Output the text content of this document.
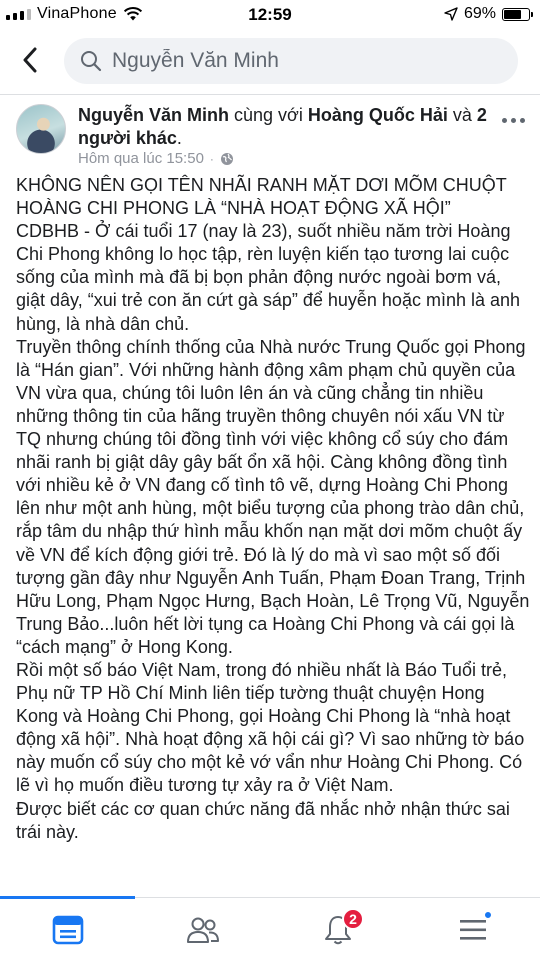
VinaPhone	12:59	69%
Nguyễn Văn Minh
Nguyễn Văn Minh cùng với Hoàng Quốc Hải và 2 người khác.
Hôm qua lúc 15:50 ·

KHÔNG NÊN GỌI TÊN NHÃI RANH MẶT DƠI MÕM CHUỘT HOÀNG CHI PHONG LÀ “NHÀ HOẠT ĐỘNG XÃ HỘI”

CDBHB - Ở cái tuổi 17 (nay là 23), suốt nhiều năm trời Hoàng Chi Phong không lo học tập, rèn luyện kiến tạo tương lai cuộc sống của mình mà đã bị bọn phản động nước ngoài bơm vá, giật dây, “xui trẻ con ăn cứt gà sáp” để huyễn hoặc mình là anh hùng, là nhà dân chủ.

Truyền thông chính thống của Nhà nước Trung Quốc gọi Phong là “Hán gian”. Với những hành động xâm phạm chủ quyền của VN vừa qua, chúng tôi luôn lên án và cũng chẳng tin nhiều những thông tin của hãng truyền thông chuyên nói xấu VN từ TQ nhưng chúng tôi đồng tình với việc không cổ súy cho đám nhãi ranh bị giật dây gây bất ổn xã hội. Càng không đồng tình với nhiều kẻ ở VN đang cố tình tô vẽ, dựng Hoàng Chi Phong lên như một anh hùng, một biểu tượng của phong trào dân chủ, rắp tâm du nhập thứ hình mẫu khốn nạn mặt dơi mõm chuột ấy về VN để kích động giới trẻ. Đó là lý do mà vì sao một số đối tượng gần đây như Nguyễn Anh Tuấn, Phạm Đoan Trang, Trịnh Hữu Long, Phạm Ngọc Hưng, Bạch Hoàn, Lê Trọng Vũ, Nguyễn Trung Bảo...luôn hết lời tụng ca Hoàng Chi Phong và cái gọi là “cách mạng” ở Hong Kong.

Rồi một số báo Việt Nam, trong đó nhiều nhất là Báo Tuổi trẻ, Phụ nữ TP Hồ Chí Minh liên tiếp tường thuật chuyện Hong Kong và Hoàng Chi Phong, gọi Hoàng Chi Phong là “nhà hoạt động xã hội”. Nhà hoạt động xã hội cái gì? Vì sao những tờ báo này muốn cổ súy cho một kẻ vớ vẩn như Hoàng Chi Phong. Có lẽ vì họ muốn điều tương tự xảy ra ở Việt Nam.

Được biết các cơ quan chức năng đã nhắc nhở nhận thức sai trái này.

2
